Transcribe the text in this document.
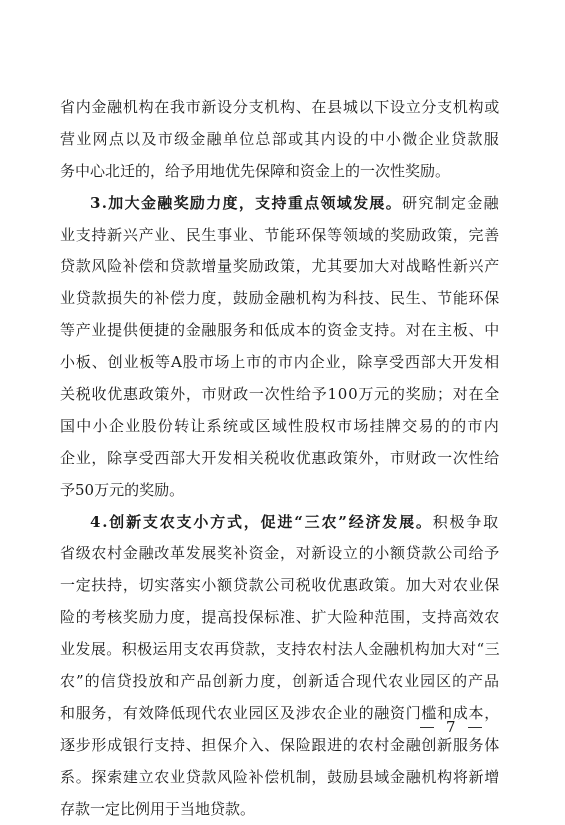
省内金融机构在我市新设分支机构、在县城以下设立分支机构或
营业网点以及市级金融单位总部或其内设的中小微企业贷款服
务中心北迁的，给予用地优先保障和资金上的一次性奖励。
3.加大金融奖励力度，支持重点领域发展。研究制定金融
业支持新兴产业、民生事业、节能环保等领域的奖励政策，完善
贷款风险补偿和贷款增量奖励政策，尤其要加大对战略性新兴产
业贷款损失的补偿力度，鼓励金融机构为科技、民生、节能环保
等产业提供便捷的金融服务和低成本的资金支持。对在主板、中
小板、创业板等A股市场上市的市内企业，除享受西部大开发相
关税收优惠政策外，市财政一次性给予100万元的奖励；对在全
国中小企业股份转让系统或区域性股权市场挂牌交易的的市内
企业，除享受西部大开发相关税收优惠政策外，市财政一次性给
予50万元的奖励。
4.创新支农支小方式，促进“三农”经济发展。积极争取
省级农村金融改革发展奖补资金，对新设立的小额贷款公司给予
一定扶持，切实落实小额贷款公司税收优惠政策。加大对农业保
险的考核奖励力度，提高投保标准、扩大险种范围，支持高效农
业发展。积极运用支农再贷款，支持农村法人金融机构加大对“三
农”的信贷投放和产品创新力度，创新适合现代农业园区的产品
和服务，有效降低现代农业园区及涉农企业的融资门槛和成本，
逐步形成银行支持、担保介入、保险跟进的农村金融创新服务体
系。探索建立农业贷款风险补偿机制，鼓励县域金融机构将新增
存款一定比例用于当地贷款。
7
